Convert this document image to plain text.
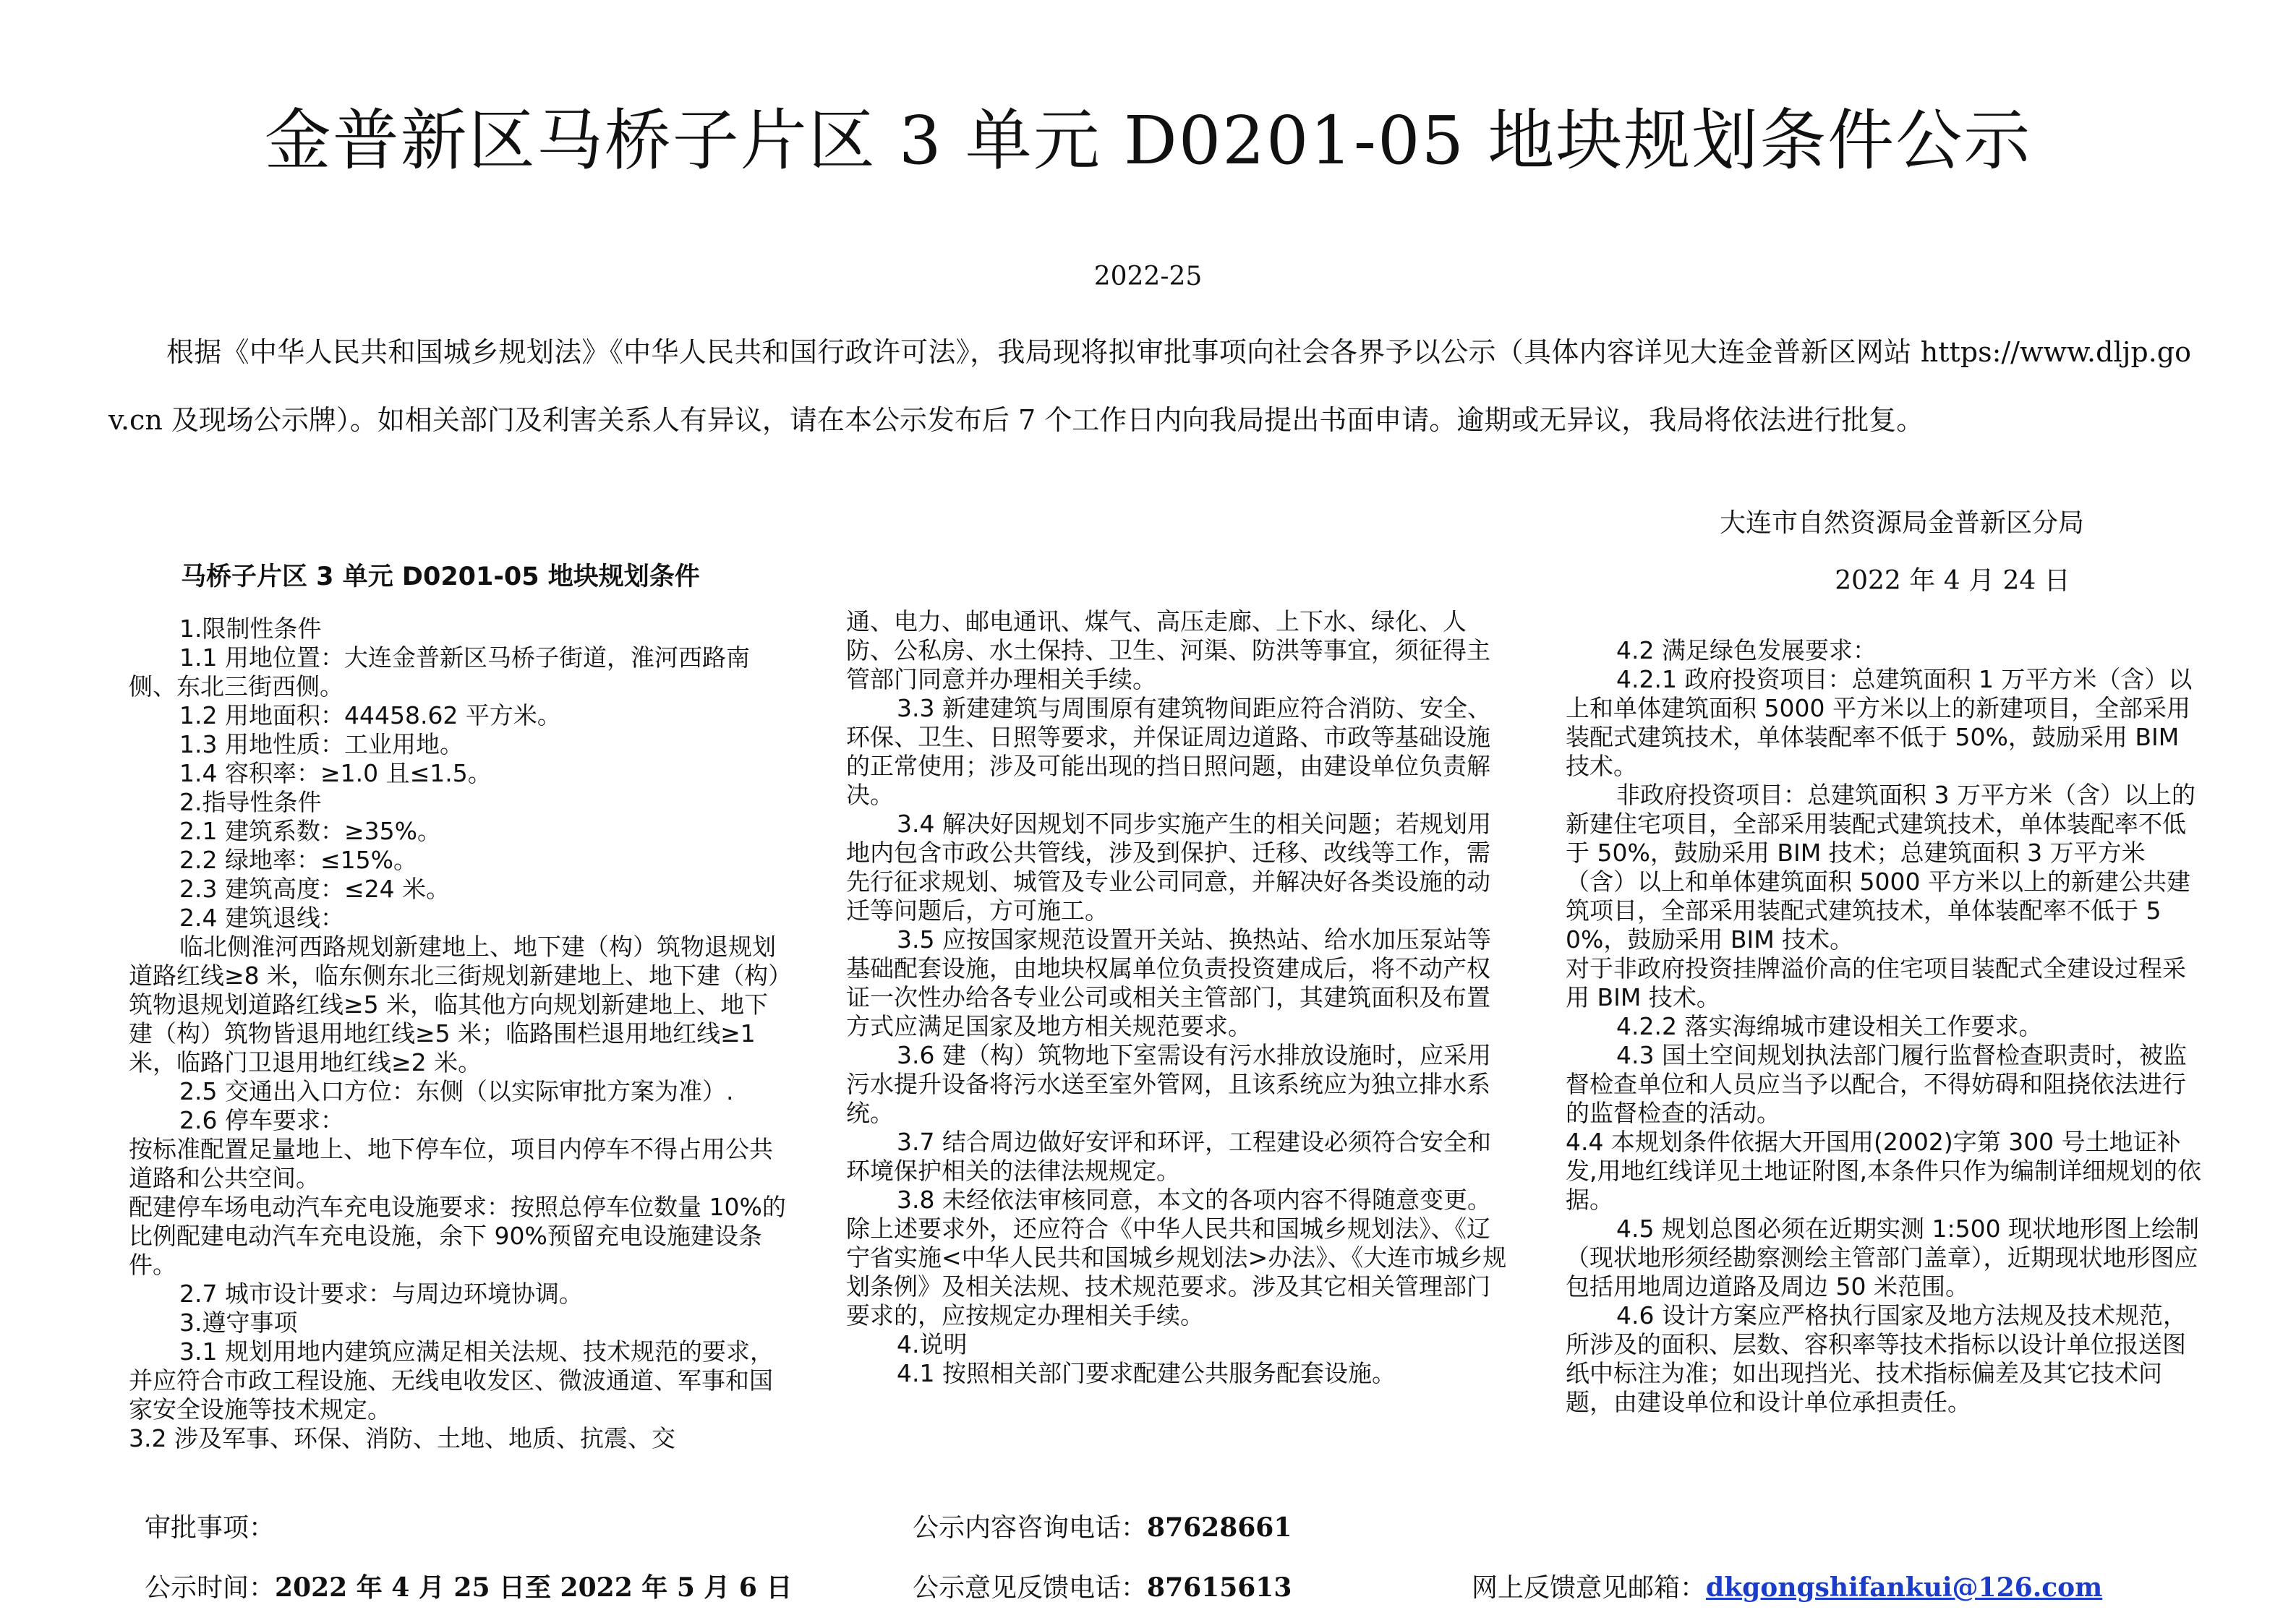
金普新区马桥子片区 3 单元 D0201-05 地块规划条件公示
2022-25
根据《中华人民共和国城乡规划法》《中华人民共和国行政许可法》，我局现将拟审批事项向社会各界予以公示（具体内容详见大连金普新区网站 https://www.dljp.gov.cn 及现场公示牌）。如相关部门及利害关系人有异议，请在本公示发布后 7 个工作日内向我局提出书面申请。逾期或无异议，我局将依法进行批复。
大连市自然资源局金普新区分局
2022 年 4 月 24 日
马桥子片区 3 单元 D0201-05 地块规划条件

1.限制性条件

1.1 用地位置：大连金普新区马桥子街道，淮河西路南侧、东北三街西侧。

1.2 用地面积：44458.62 平方米。

1.3 用地性质：工业用地。

1.4 容积率：≥1.0 且≤1.5。

2.指导性条件

2.1 建筑系数：≥35%。

2.2 绿地率：≤15%。

2.3 建筑高度：≤24 米。

2.4 建筑退线：

临北侧淮河西路规划新建地上、地下建（构）筑物退规划道路红线≥8 米，临东侧东北三街规划新建地上、地下建（构）筑物退规划道路红线≥5 米，临其他方向规划新建地上、地下建（构）筑物皆退用地红线≥5 米；临路围栏退用地红线≥1 米，临路门卫退用地红线≥2 米。

2.5 交通出入口方位：东侧（以实际审批方案为准）.

2.6 停车要求：

按标准配置足量地上、地下停车位，项目内停车不得占用公共道路和公共空间。

配建停车场电动汽车充电设施要求：按照总停车位数量 10%的比例配建电动汽车充电设施，余下 90%预留充电设施建设条件。

2.7 城市设计要求：与周边环境协调。

3.遵守事项

3.1 规划用地内建筑应满足相关法规、技术规范的要求，并应符合市政工程设施、无线电收发区、微波通道、军事和国家安全设施等技术规定。

3.2 涉及军事、环保、消防、土地、地质、抗震、交

通、电力、邮电通讯、煤气、高压走廊、上下水、绿化、人防、公私房、水土保持、卫生、河渠、防洪等事宜，须征得主管部门同意并办理相关手续。

3.3 新建建筑与周围原有建筑物间距应符合消防、安全、环保、卫生、日照等要求，并保证周边道路、市政等基础设施的正常使用；涉及可能出现的挡日照问题，由建设单位负责解决。

3.4 解决好因规划不同步实施产生的相关问题；若规划用地内包含市政公共管线，涉及到保护、迁移、改线等工作，需先行征求规划、城管及专业公司同意，并解决好各类设施的动迁等问题后，方可施工。

3.5 应按国家规范设置开关站、换热站、给水加压泵站等基础配套设施，由地块权属单位负责投资建成后，将不动产权证一次性办给各专业公司或相关主管部门，其建筑面积及布置方式应满足国家及地方相关规范要求。

3.6 建（构）筑物地下室需设有污水排放设施时，应采用污水提升设备将污水送至室外管网，且该系统应为独立排水系统。

3.7 结合周边做好安评和环评，工程建设必须符合安全和环境保护相关的法律法规规定。

3.8 未经依法审核同意，本文的各项内容不得随意变更。

除上述要求外，还应符合《中华人民共和国城乡规划法》、《辽宁省实施<中华人民共和国城乡规划法>办法》、《大连市城乡规划条例》及相关法规、技术规范要求。涉及其它相关管理部门要求的，应按规定办理相关手续。

4.说明

4.1 按照相关部门要求配建公共服务配套设施。

4.2 满足绿色发展要求：

4.2.1 政府投资项目：总建筑面积 1 万平方米（含）以上和单体建筑面积 5000 平方米以上的新建项目，全部采用装配式建筑技术，单体装配率不低于 50%，鼓励采用 BIM 技术。

非政府投资项目：总建筑面积 3 万平方米（含）以上的新建住宅项目，全部采用装配式建筑技术，单体装配率不低于 50%，鼓励采用 BIM 技术；总建筑面积 3 万平方米（含）以上和单体建筑面积 5000 平方米以上的新建公共建筑项目，全部采用装配式建筑技术，单体装配率不低于 50%，鼓励采用 BIM 技术。

对于非政府投资挂牌溢价高的住宅项目装配式全建设过程采用 BIM 技术。

4.2.2 落实海绵城市建设相关工作要求。

4.3 国土空间规划执法部门履行监督检查职责时，被监督检查单位和人员应当予以配合，不得妨碍和阻挠依法进行的监督检查的活动。

4.4 本规划条件依据大开国用(2002)字第 300 号土地证补发,用地红线详见土地证附图,本条件只作为编制详细规划的依据。

4.5 规划总图必须在近期实测 1:500 现状地形图上绘制（现状地形须经勘察测绘主管部门盖章），近期现状地形图应包括用地周边道路及周边 50 米范围。

4.6 设计方案应严格执行国家及地方法规及技术规范，所涉及的面积、层数、容积率等技术指标以设计单位报送图纸中标注为准；如出现挡光、技术指标偏差及其它技术问题，由建设单位和设计单位承担责任。

审批事项：
公示时间：2022 年 4 月 25 日至 2022 年 5 月 6 日
公示内容咨询电话：87628661
公示意见反馈电话：87615613	网上反馈意见邮箱：dkgongshifankui@126.com
